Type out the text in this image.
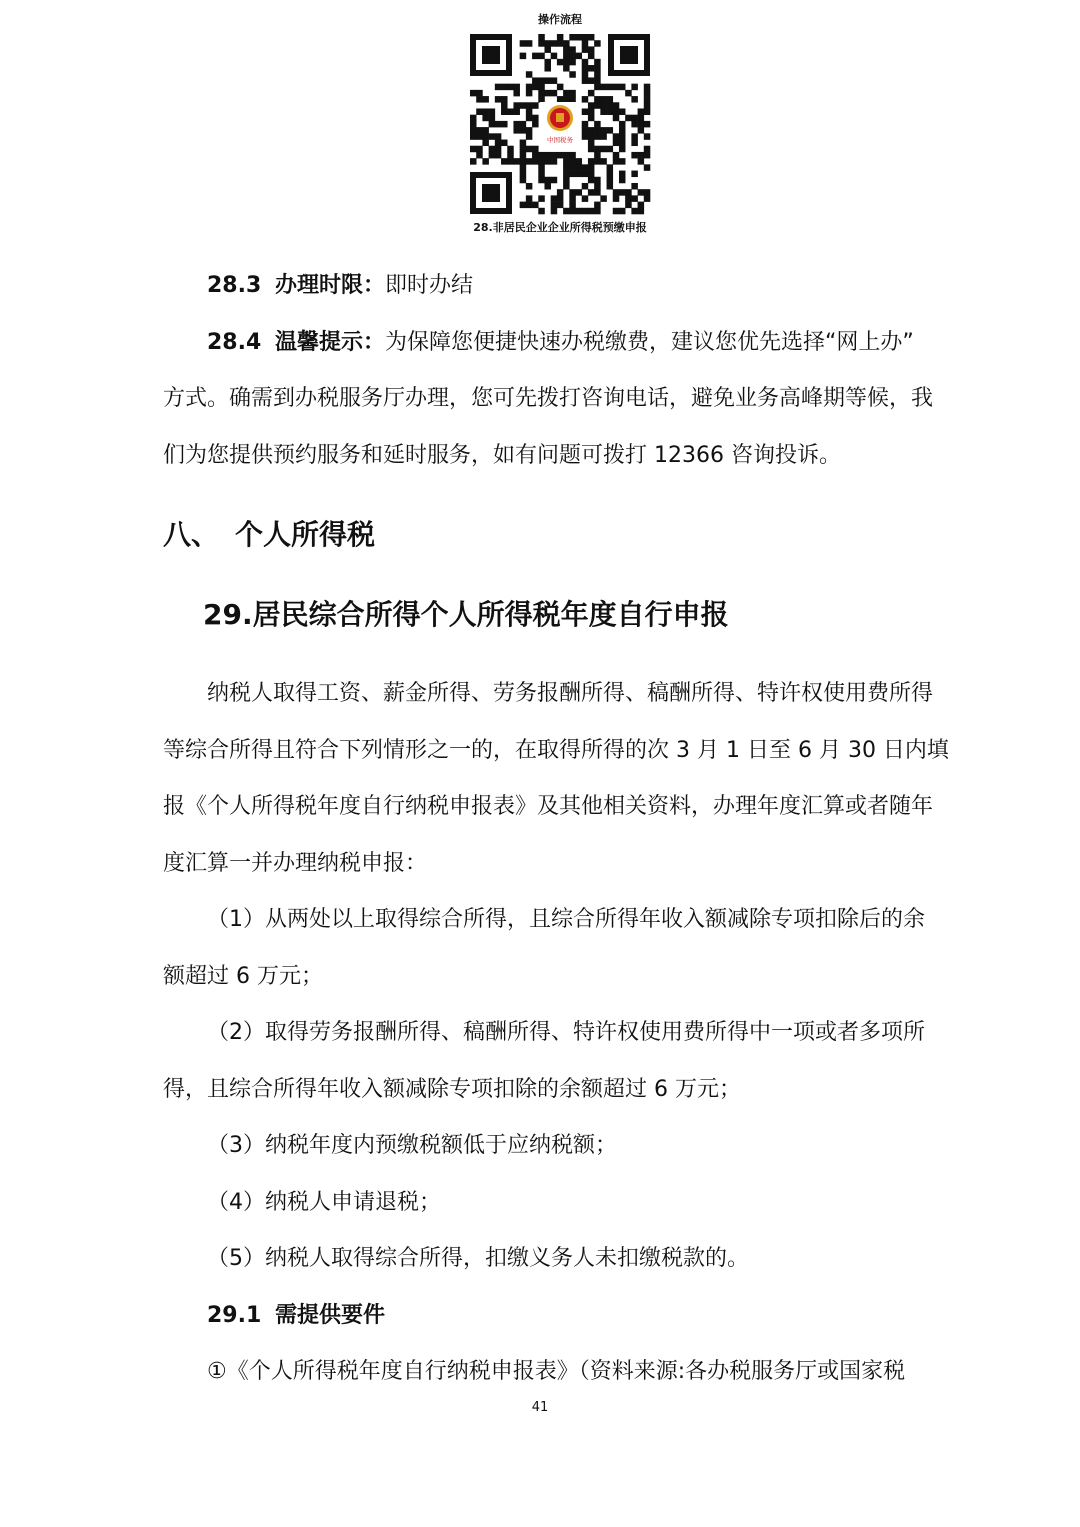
操作流程
中国税务
28.非居民企业企业所得税预缴申报
28.3 办理时限：即时办结
28.4 温馨提示：为保障您便捷快速办税缴费，建议您优先选择“网上办”
方式。确需到办税服务厅办理，您可先拨打咨询电话，避免业务高峰期等候，我
们为您提供预约服务和延时服务，如有问题可拨打 12366 咨询投诉。
八、 个人所得税
29.居民综合所得个人所得税年度自行申报
纳税人取得工资、薪金所得、劳务报酬所得、稿酬所得、特许权使用费所得
等综合所得且符合下列情形之一的，在取得所得的次 3 月 1 日至 6 月 30 日内填
报《个人所得税年度自行纳税申报表》及其他相关资料，办理年度汇算或者随年
度汇算一并办理纳税申报：
（1）从两处以上取得综合所得，且综合所得年收入额减除专项扣除后的余
额超过 6 万元；
（2）取得劳务报酬所得、稿酬所得、特许权使用费所得中一项或者多项所
得，且综合所得年收入额减除专项扣除的余额超过 6 万元；
（3）纳税年度内预缴税额低于应纳税额；
（4）纳税人申请退税；
（5）纳税人取得综合所得，扣缴义务人未扣缴税款的。
29.1 需提供要件
①《个人所得税年度自行纳税申报表》（资料来源:各办税服务厅或国家税
41
